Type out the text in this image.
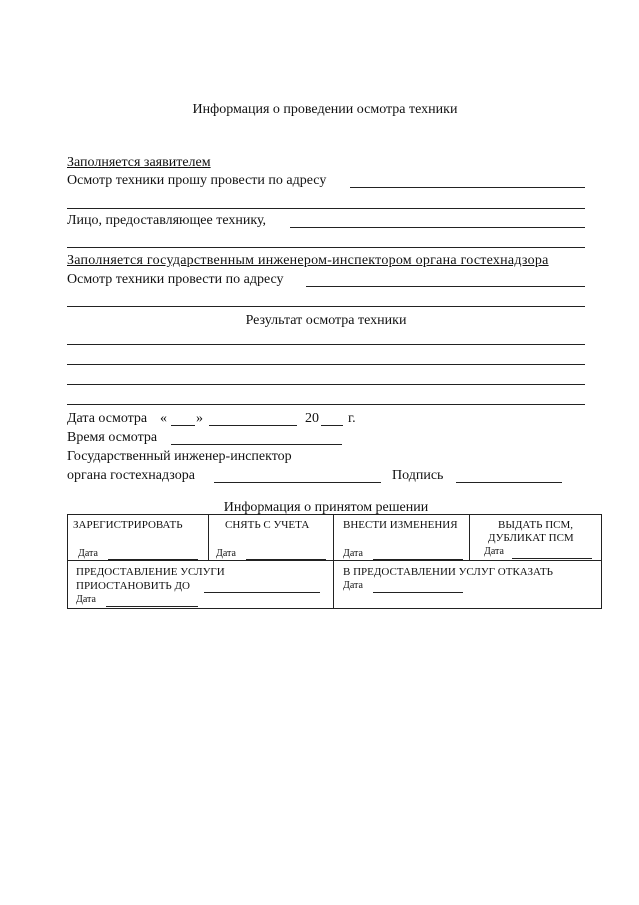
Информация о проведении осмотра техники
Заполняется заявителем
Осмотр техники прошу провести по адресу
Лицо, предоставляющее технику,
Заполняется государственным инженером-инспектором органа гостехнадзора
Осмотр техники провести по адресу
Результат осмотра техники
Дата осмотра « »	20 г.
Время осмотра
Государственный инженер-инспектор
органа гостехнадзора	Подпись
Информация о принятом решении
ЗАРЕГИСТРИРОВАТЬ
Дата
СНЯТЬ С УЧЕТА
Дата
ВНЕСТИ ИЗМЕНЕНИЯ
Дата
ВЫДАТЬ ПСМ,
ДУБЛИКАТ ПСМ
Дата
ПРЕДОСТАВЛЕНИЕ УСЛУГИ
ПРИОСТАНОВИТЬ ДО
Дата
В ПРЕДОСТАВЛЕНИИ УСЛУГ ОТКАЗАТЬ
Дата
